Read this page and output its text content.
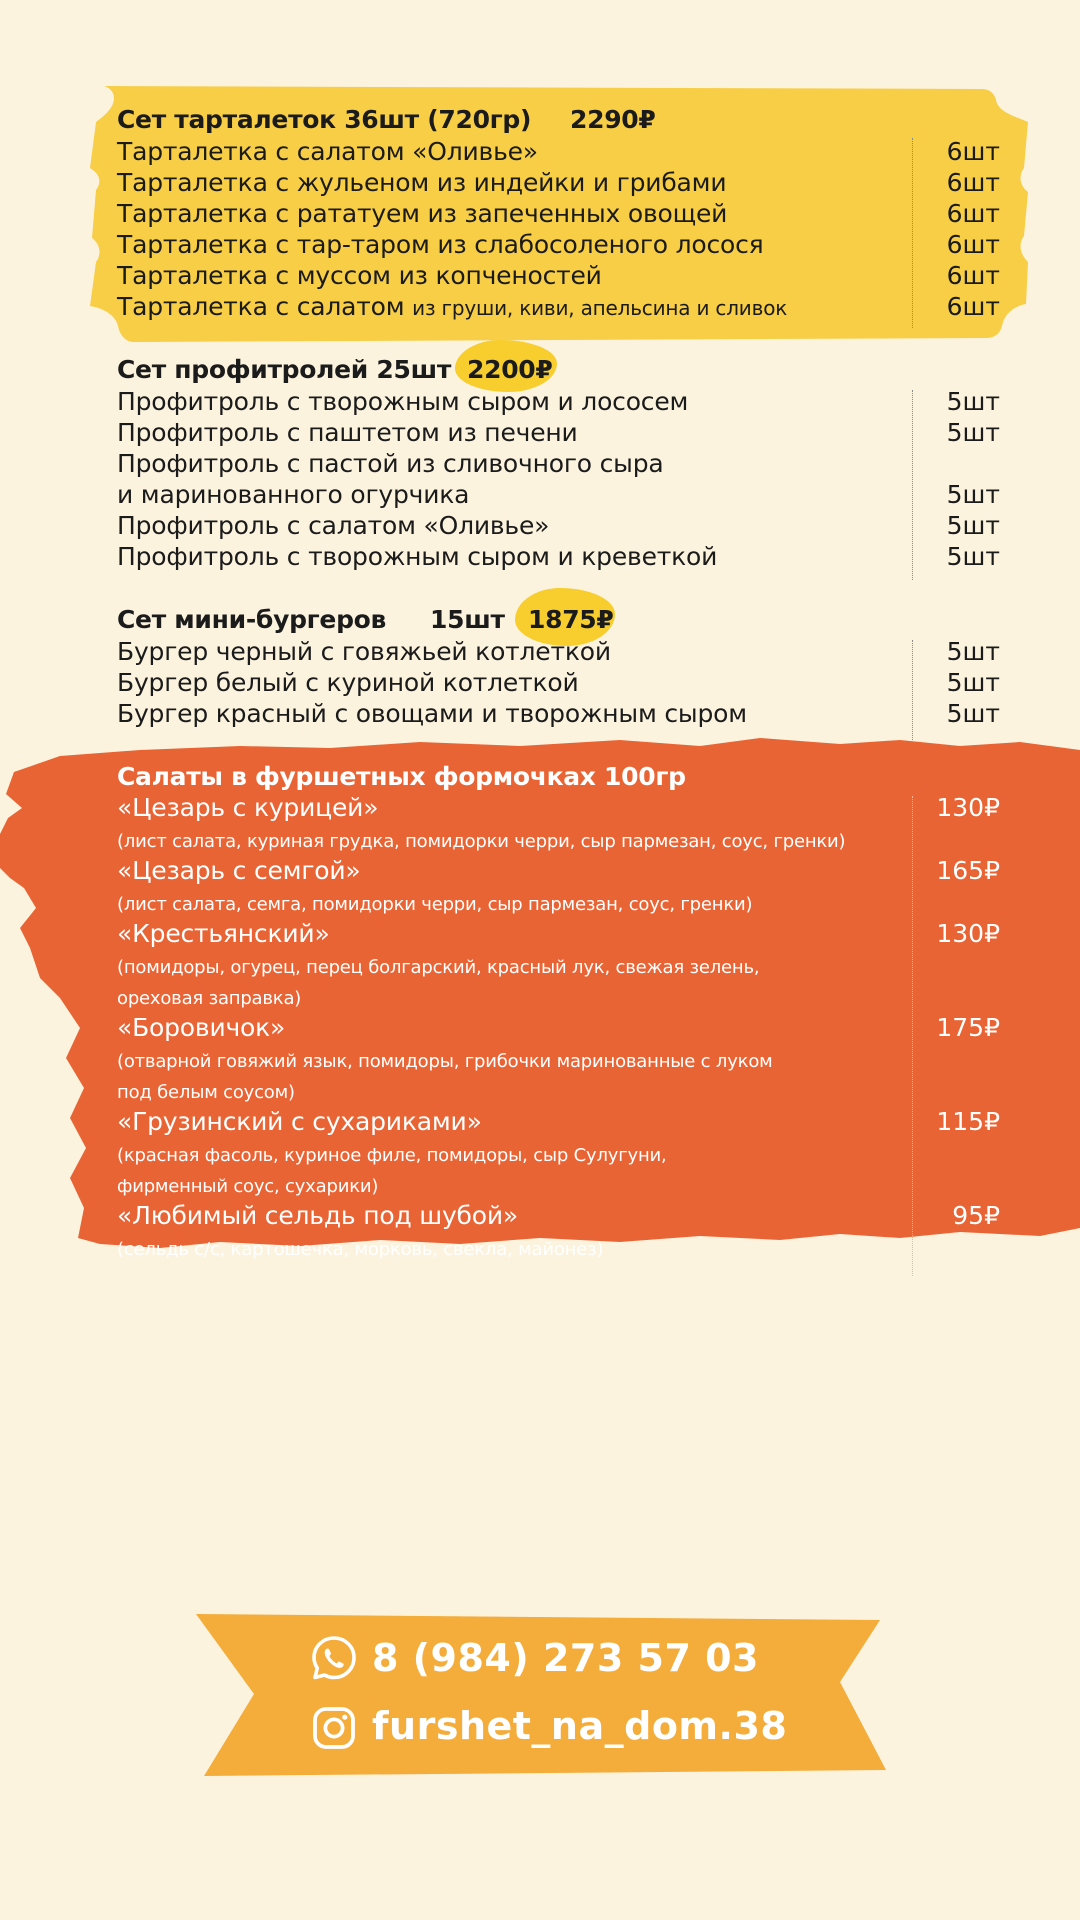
Сет тарталеток 36шт (720гр) 2290₽
Тарталетка с салатом «Оливье»	6шт
Тарталетка с жульеном из индейки и грибами	6шт
Тарталетка с рататуем из запеченных овощей	6шт
Тарталетка с тар-таром из слабосоленого лосося	6шт
Тарталетка с муссом из копченостей	6шт
Тарталетка с салатом из груши, киви, апельсина и сливок	6шт
Сет профитролей 25шт 2200₽
Профитроль с творожным сыром и лососем	5шт
Профитроль с паштетом из печени	5шт
Профитроль с пастой из сливочного сыра
и маринованного огурчика	5шт
Профитроль с салатом «Оливье»	5шт
Профитроль с творожным сыром и креветкой	5шт
Сет мини-бургеров 15шт 1875₽
Бургер черный с говяжьей котлеткой	5шт
Бургер белый с куриной котлеткой	5шт
Бургер красный с овощами и творожным сыром	5шт
Салаты в фуршетных формочках 100гр
«Цезарь с курицей»	130₽
(лист салата, куриная грудка, помидорки черри, сыр пармезан, соус, гренки)
«Цезарь с семгой»	165₽
(лист салата, семга, помидорки черри, сыр пармезан, соус, гренки)
«Крестьянский»	130₽
(помидоры, огурец, перец болгарский, красный лук, свежая зелень,
ореховая заправка)
«Боровичок»	175₽
(отварной говяжий язык, помидоры, грибочки маринованные с луком
под белым соусом)
«Грузинский с сухариками»	115₽
(красная фасоль, куриное филе, помидоры, сыр Сулугуни,
фирменный соус, сухарики)
«Любимый сельдь под шубой»	95₽
(сельдь с/с, картошечка, морковь, свекла, майонез)
8 (984) 273 57 03
furshet_na_dom.38
